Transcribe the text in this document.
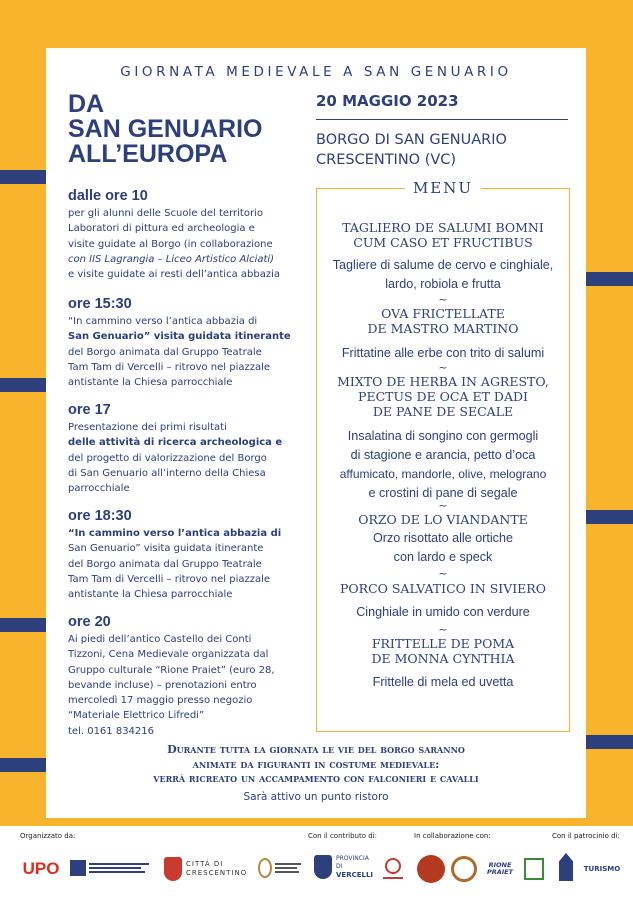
GIORNATA MEDIEVALE A SAN GENUARIO
DA
SAN GENUARIO
ALL’EUROPA
20 MAGGIO 2023
BORGO DI SAN GENUARIO
CRESCENTINO (VC)
dalle ore 10
per gli alunni delle Scuole del territorio
Laboratori di pittura ed archeologia e
visite guidate al Borgo (in collaborazione
con IIS Lagrangia – Liceo Artistico Alciati)
e visite guidate ai resti dell’antica abbazia
ore 15:30
“In cammino verso l’antica abbazia di
San Genuario” visita guidata itinerante
del Borgo animata dal Gruppo Teatrale
Tam Tam di Vercelli – ritrovo nel piazzale
antistante la Chiesa parrocchiale
ore 17
Presentazione dei primi risultati
delle attività di ricerca archeologica e
del progetto di valorizzazione del Borgo
di San Genuario all’interno della Chiesa
parrocchiale
ore 18:30
“In cammino verso l’antica abbazia di
San Genuario” visita guidata itinerante
del Borgo animata dal Gruppo Teatrale
Tam Tam di Vercelli – ritrovo nel piazzale
antistante la Chiesa parrocchiale
ore 20
Ai piedi dell’antico Castello dei Conti
Tizzoni, Cena Medievale organizzata dal
Gruppo culturale “Rione Praiet” (euro 28,
bevande incluse) – prenotazioni entro
mercoledì 17 maggio presso negozio
“Materiale Elettrico Lifredi”
tel. 0161 834216
MENU
TAGLIERO DE SALUMI BOMNI
CUM CASO ET FRUCTIBUS
Tagliere di salume de cervo e cinghiale,
lardo, robiola e frutta
~
OVA FRICTELLATE
DE MASTRO MARTINO
Frittatine alle erbe con trito di salumi
~
MIXTO DE HERBA IN AGRESTO,
PECTUS DE OCA ET DADI
DE PANE DE SECALE
Insalatina di songino con germogli
di stagione e arancia, petto d’oca
affumicato, mandorle, olive, melograno
e crostini di pane di segale
~
ORZO DE LO VIANDANTE
Orzo risottato alle ortiche
con lardo e speck
~
PORCO SALVATICO IN SIVIERO
Cinghiale in umido con verdure
~
FRITTELLE DE POMA
DE MONNA CYNTHIA
Frittelle di mela ed uvetta
Durante tutta la giornata le vie del borgo saranno
animate da figuranti in costume medievale:
verrà ricreato un accampamento con falconieri e cavalli
Sarà attivo un punto ristoro
Organizzato da:	Con il contributo di:	In collaborazione con:	Con il patrocinio di:
UPO	CITTÀ DI
CRESCENTINO
PROVINCIA DI
VERCELLI
RIONE
PRAIET	TURISMO
